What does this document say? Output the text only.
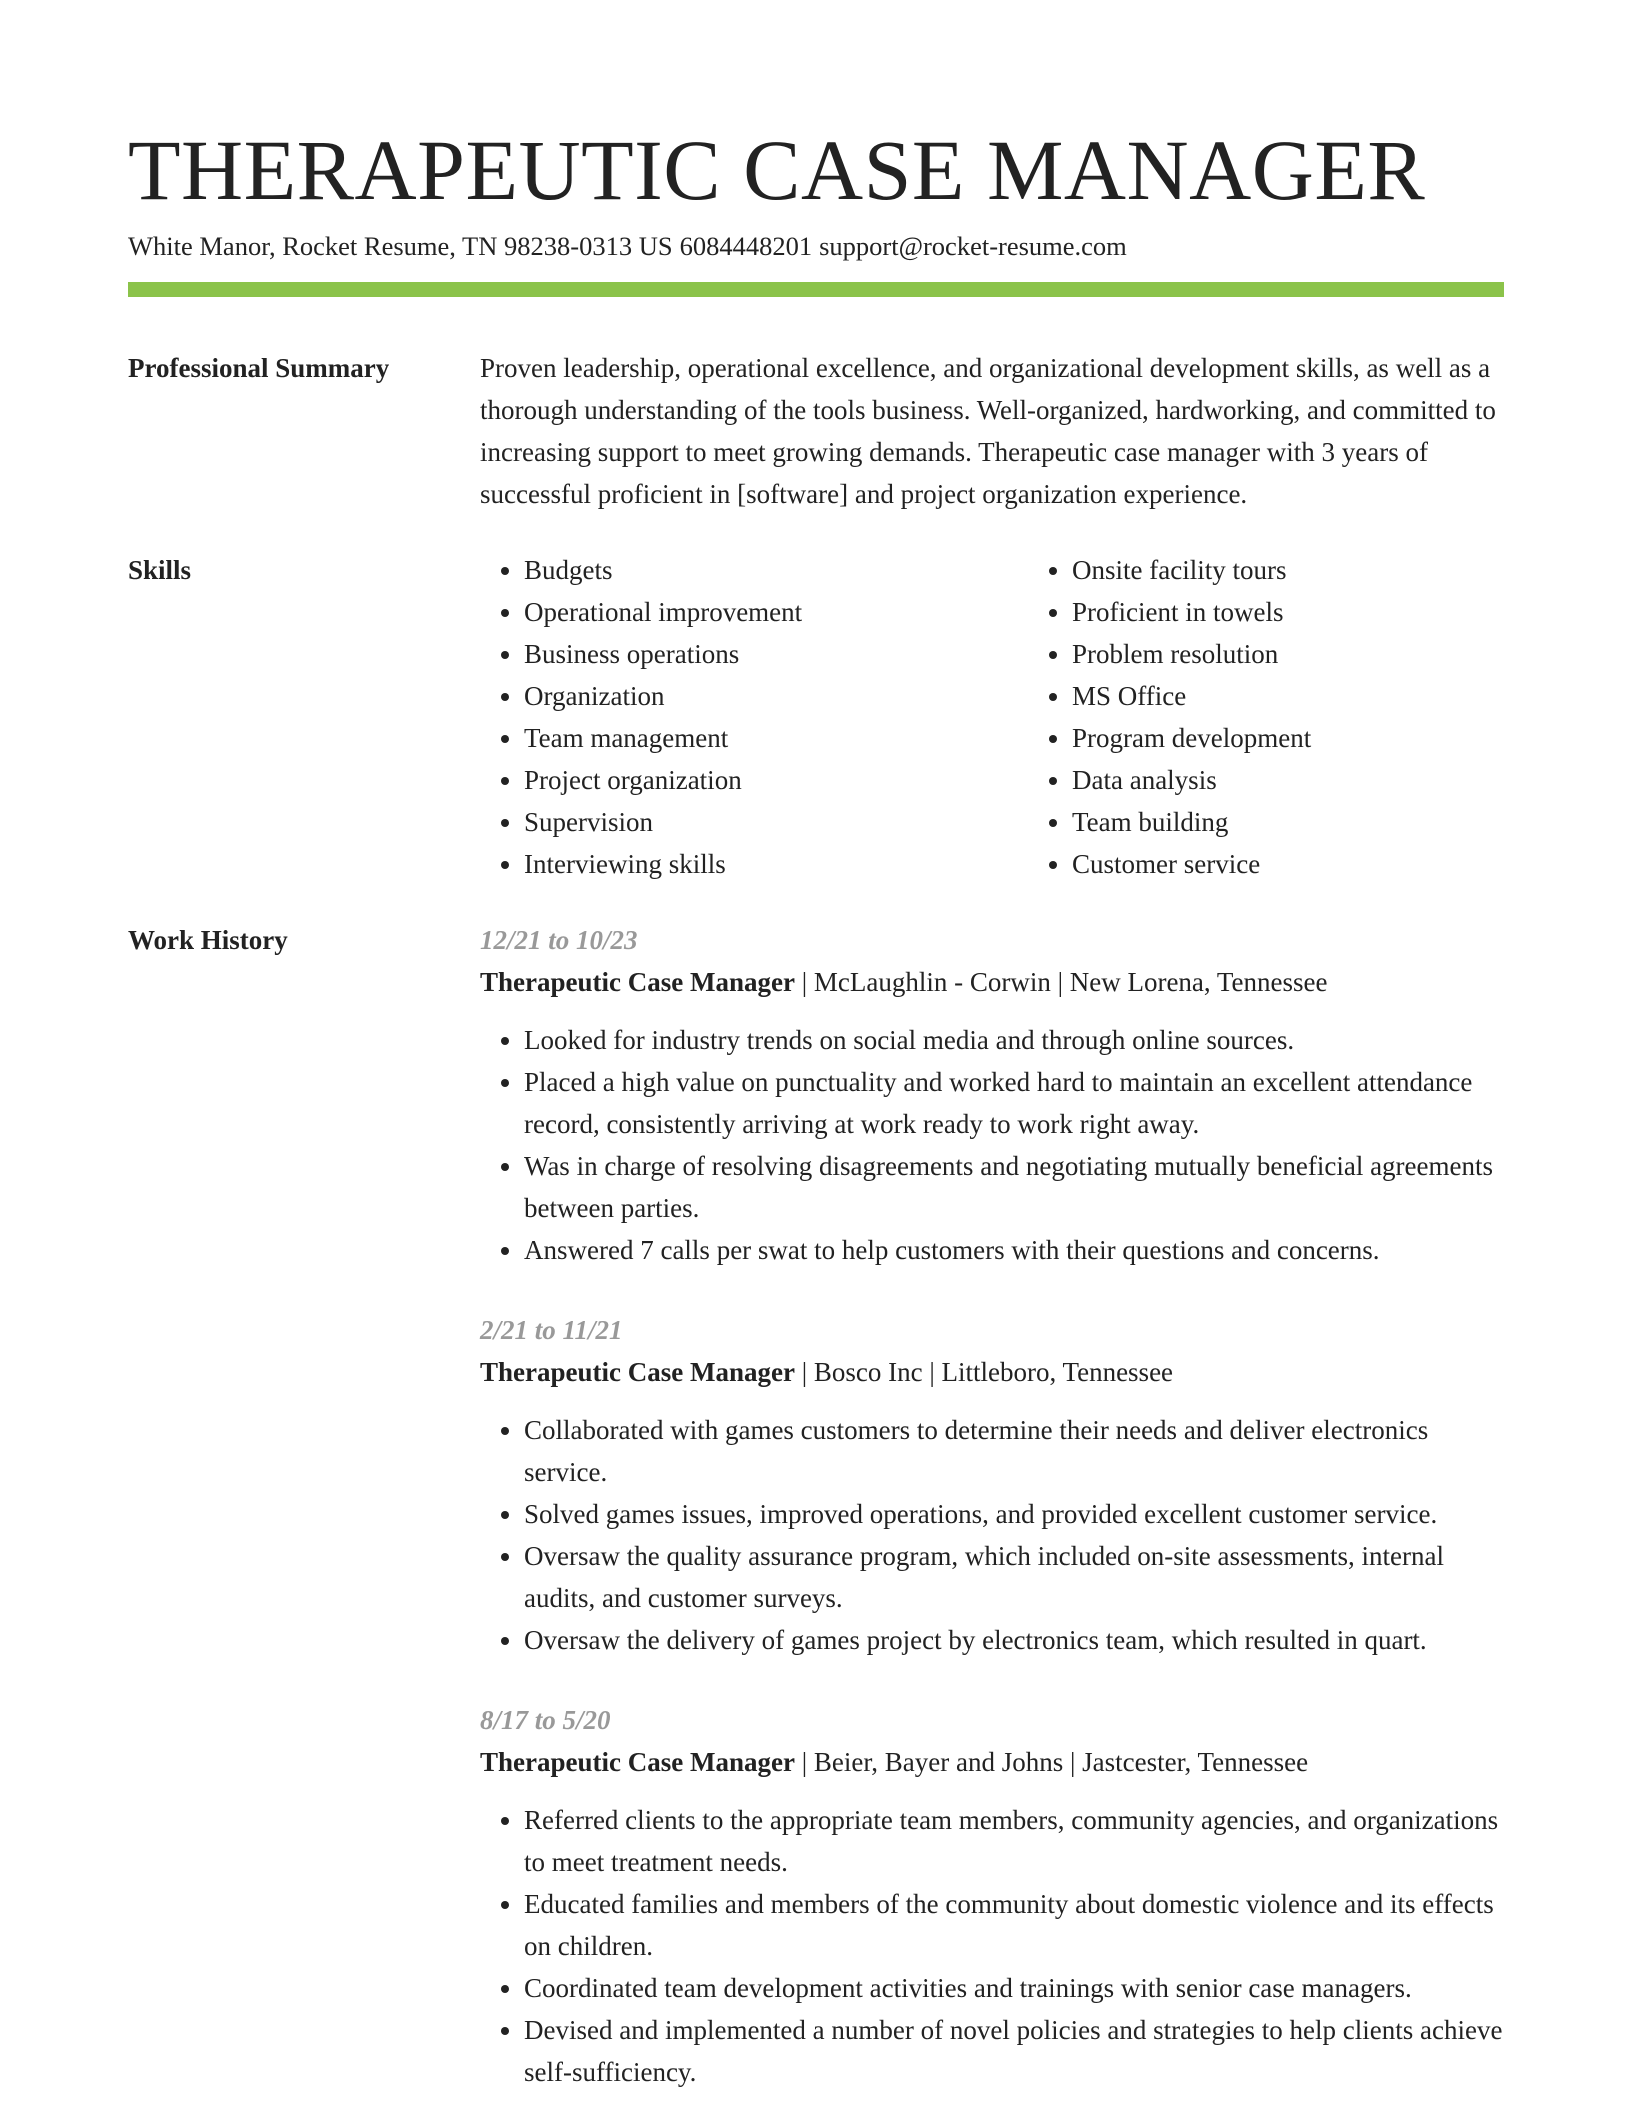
THERAPEUTIC CASE MANAGER
White Manor, Rocket Resume, TN 98238-0313 US 6084448201 support@rocket-resume.com
Professional Summary	Proven leadership, operational excellence, and organizational development skills, as well as a thorough understanding of the tools business. Well-organized, hardworking, and committed to increasing support to meet growing demands. Therapeutic case manager with 3 years of successful proficient in [software] and project organization experience.
Skills
•	Budgets
• Operational improvement
• Business operations
• Organization
• Team management
• Project organization
• Supervision
• Interviewing skills
• Onsite facility tours
• Proficient in towels
• Problem resolution
• MS Office
• Program development
• Data analysis
• Team building
• Customer service
Work History	12/21 to 10/23
Therapeutic Case Manager | McLaughlin - Corwin | New Lorena, Tennessee
• Looked for industry trends on social media and through online sources.
• Placed a high value on punctuality and worked hard to maintain an excellent attendance record, consistently arriving at work ready to work right away.
• Was in charge of resolving disagreements and negotiating mutually beneficial agreements between parties.
• Answered 7 calls per swat to help customers with their questions and concerns.
2/21 to 11/21
Therapeutic Case Manager | Bosco Inc | Littleboro, Tennessee
• Collaborated with games customers to determine their needs and deliver electronics service.
• Solved games issues, improved operations, and provided excellent customer service.
• Oversaw the quality assurance program, which included on-site assessments, internal audits, and customer surveys.
• Oversaw the delivery of games project by electronics team, which resulted in quart.
8/17 to 5/20
Therapeutic Case Manager | Beier, Bayer and Johns | Jastcester, Tennessee
• Referred clients to the appropriate team members, community agencies, and organizations to meet treatment needs.
• Educated families and members of the community about domestic violence and its effects on children.
• Coordinated team development activities and trainings with senior case managers.
• Devised and implemented a number of novel policies and strategies to help clients achieve self-sufficiency.
